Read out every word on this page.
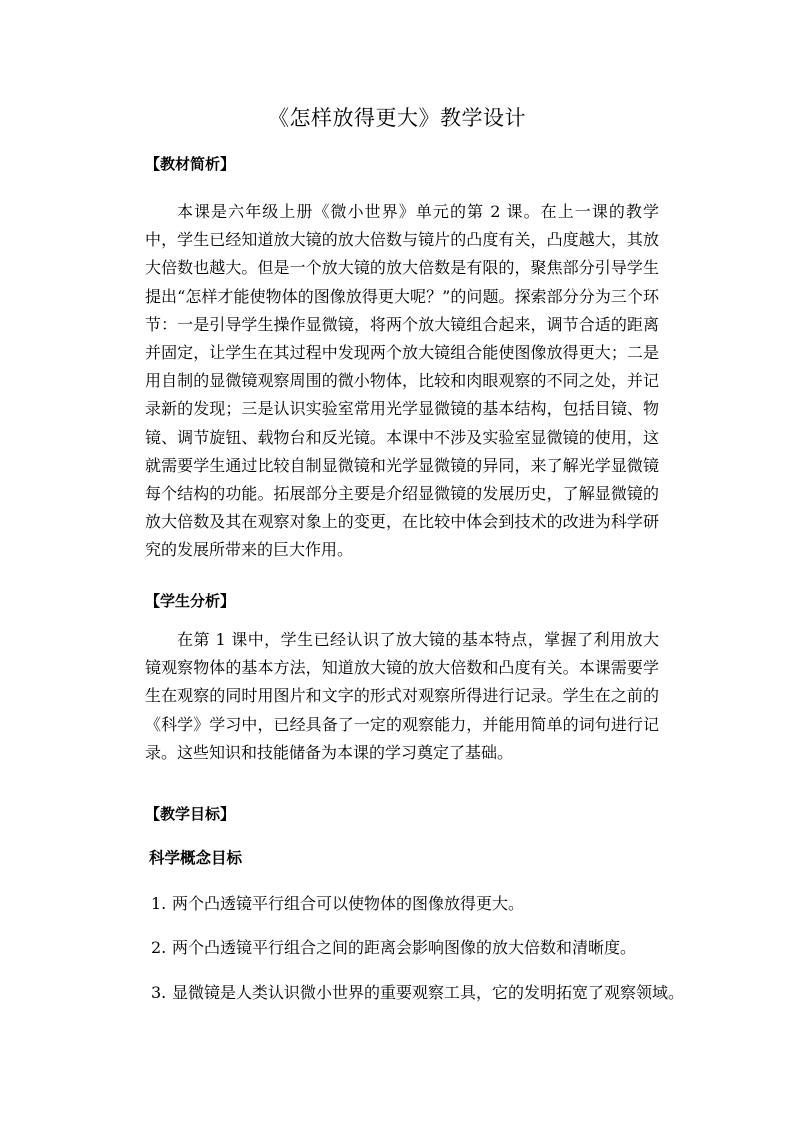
《怎样放得更大》教学设计
【教材简析】

本课是六年级上册《微小世界》单元的第 2 课。在上一课的教学中，学生已经知道放大镜的放大倍数与镜片的凸度有关，凸度越大，其放大倍数也越大。但是一个放大镜的放大倍数是有限的，聚焦部分引导学生提出“怎样才能使物体的图像放得更大呢？”的问题。探索部分分为三个环节：一是引导学生操作显微镜，将两个放大镜组合起来，调节合适的距离并固定，让学生在其过程中发现两个放大镜组合能使图像放得更大；二是用自制的显微镜观察周围的微小物体，比较和肉眼观察的不同之处，并记录新的发现；三是认识实验室常用光学显微镜的基本结构，包括目镜、物镜、调节旋钮、载物台和反光镜。本课中不涉及实验室显微镜的使用，这就需要学生通过比较自制显微镜和光学显微镜的异同，来了解光学显微镜每个结构的功能。拓展部分主要是介绍显微镜的发展历史，了解显微镜的放大倍数及其在观察对象上的变更，在比较中体会到技术的改进为科学研究的发展所带来的巨大作用。

【学生分析】

在第 1 课中，学生已经认识了放大镜的基本特点，掌握了利用放大镜观察物体的基本方法，知道放大镜的放大倍数和凸度有关。本课需要学生在观察的同时用图片和文字的形式对观察所得进行记录。学生在之前的《科学》学习中，已经具备了一定的观察能力，并能用简单的词句进行记录。这些知识和技能储备为本课的学习奠定了基础。

【教学目标】
科学概念目标
1. 两个凸透镜平行组合可以使物体的图像放得更大。
2. 两个凸透镜平行组合之间的距离会影响图像的放大倍数和清晰度。
3. 显微镜是人类认识微小世界的重要观察工具，它的发明拓宽了观察领域。
